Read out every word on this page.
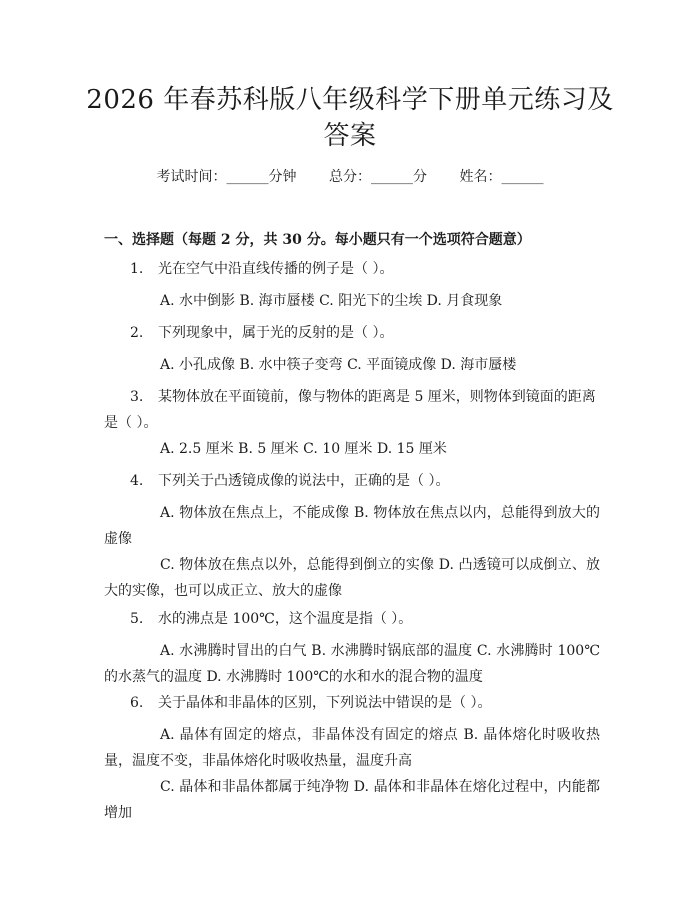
2026 年春苏科版八年级科学下册单元练习及
答案
考试时间：______分钟 总分：______分 姓名：______
一、选择题（每题 2 分，共 30 分。每小题只有一个选项符合题意）
1. 光在空气中沿直线传播的例子是（ ）。
A. 水中倒影 B. 海市蜃楼 C. 阳光下的尘埃 D. 月食现象
2. 下列现象中，属于光的反射的是（ ）。
A. 小孔成像 B. 水中筷子变弯 C. 平面镜成像 D. 海市蜃楼
3. 某物体放在平面镜前，像与物体的距离是 5 厘米，则物体到镜面的距离是（ ）。
A. 2.5 厘米 B. 5 厘米 C. 10 厘米 D. 15 厘米
4. 下列关于凸透镜成像的说法中，正确的是（ ）。
A. 物体放在焦点上，不能成像 B. 物体放在焦点以内，总能得到放大的虚像
C. 物体放在焦点以外，总能得到倒立的实像 D. 凸透镜可以成倒立、放大的实像，也可以成正立、放大的虚像
5. 水的沸点是 100℃，这个温度是指（ ）。
A. 水沸腾时冒出的白气 B. 水沸腾时锅底部的温度 C. 水沸腾时 100℃的水蒸气的温度 D. 水沸腾时 100℃的水和水的混合物的温度
6. 关于晶体和非晶体的区别，下列说法中错误的是（ ）。
A. 晶体有固定的熔点，非晶体没有固定的熔点 B. 晶体熔化时吸收热量，温度不变，非晶体熔化时吸收热量，温度升高
C. 晶体和非晶体都属于纯净物 D. 晶体和非晶体在熔化过程中，内能都增加
